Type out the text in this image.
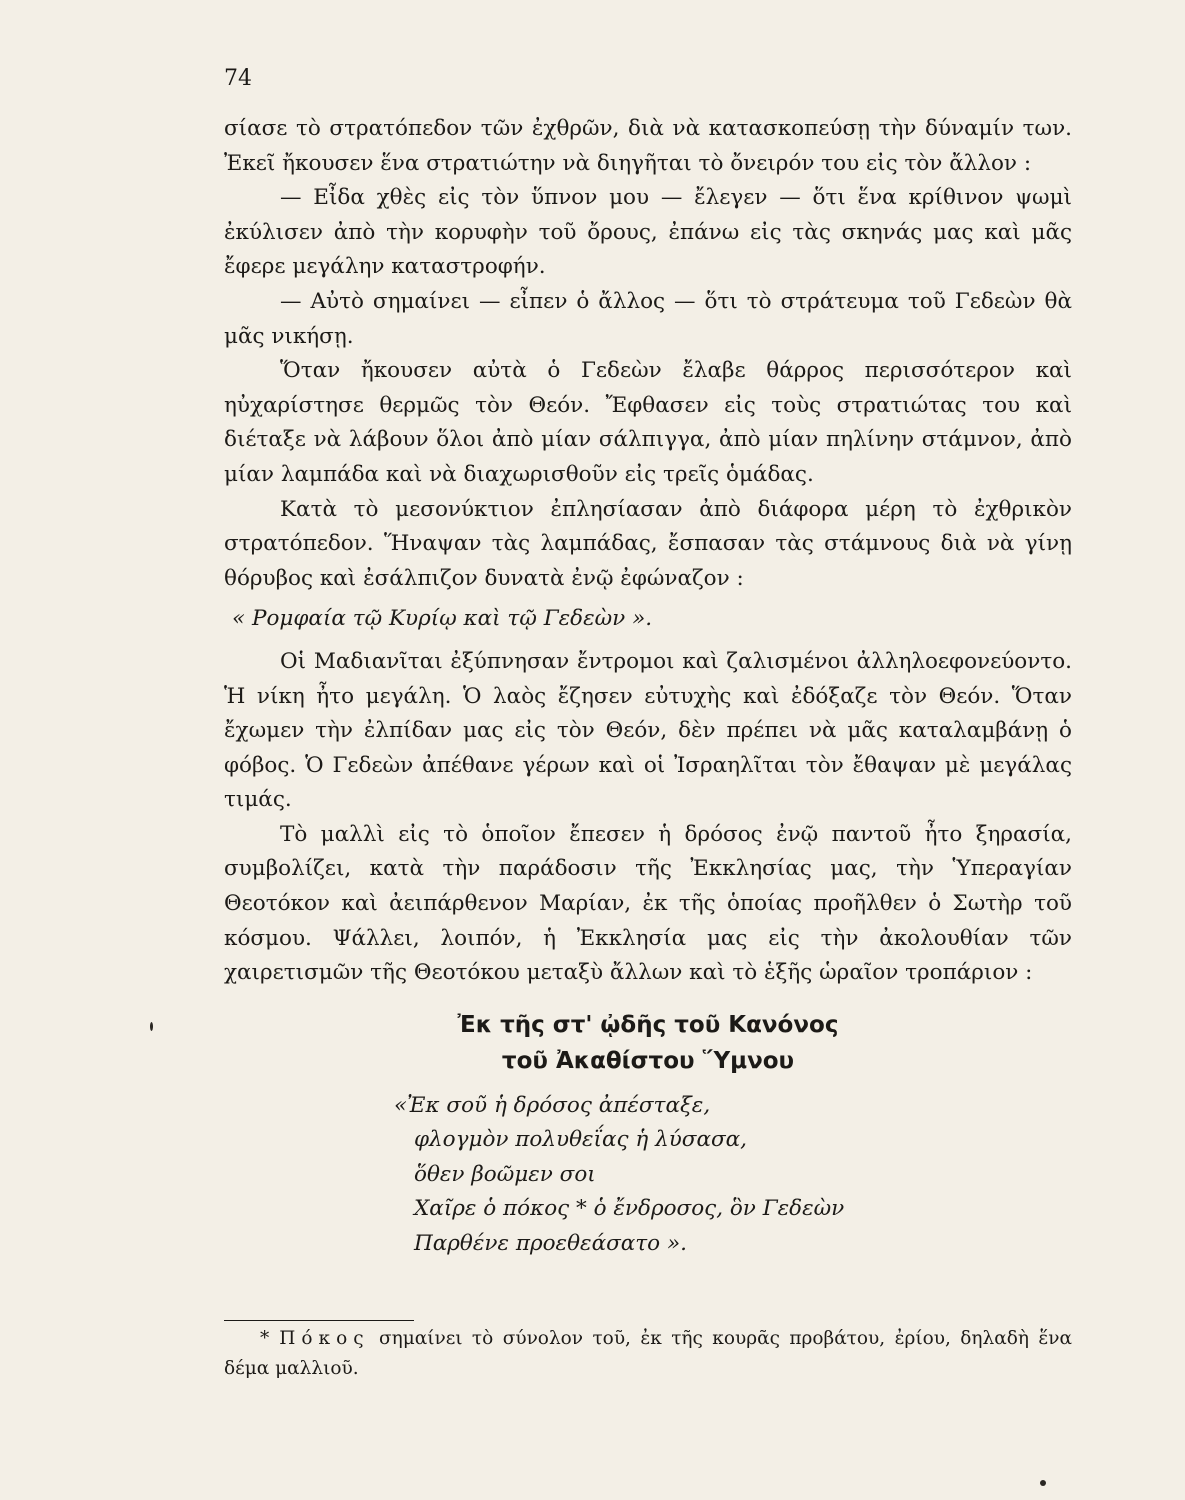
74

σίασε τὸ στρατόπεδον τῶν ἐχθρῶν, διὰ νὰ κατασκοπεύσῃ τὴν δύναμίν των. Ἐκεῖ ἤκουσεν ἕνα στρατιώτην νὰ διηγῆται τὸ ὄνειρόν του εἰς τὸν ἄλλον :

— Εἶδα χθὲς εἰς τὸν ὕπνον μου — ἔλεγεν — ὅτι ἕνα κρίθινον ψωμὶ ἐκύλισεν ἀπὸ τὴν κορυφὴν τοῦ ὄρους, ἐπάνω εἰς τὰς σκηνάς μας καὶ μᾶς ἔφερε μεγάλην καταστροφήν.

— Αὐτὸ σημαίνει — εἶπεν ὁ ἄλλος — ὅτι τὸ στράτευμα τοῦ Γεδεὼν θὰ μᾶς νικήσῃ.

Ὅταν ἤκουσεν αὐτὰ ὁ Γεδεὼν ἔλαβε θάρρος περισσότερον καὶ ηὐχαρίστησε θερμῶς τὸν Θεόν. Ἔφθασεν εἰς τοὺς στρατιώτας του καὶ διέταξε νὰ λάβουν ὅλοι ἀπὸ μίαν σάλπιγγα, ἀπὸ μίαν πηλίνην στάμνον, ἀπὸ μίαν λαμπάδα καὶ νὰ διαχωρισθοῦν εἰς τρεῖς ὁμάδας.

Κατὰ τὸ μεσονύκτιον ἐπλησίασαν ἀπὸ διάφορα μέρη τὸ ἐχθρικὸν στρατόπεδον. Ἥναψαν τὰς λαμπάδας, ἔσπασαν τὰς στάμνους διὰ νὰ γίνῃ θόρυβος καὶ ἐσάλπιζον δυνατὰ ἐνῷ ἐφώναζον :

« Ρομφαία τῷ Κυρίῳ καὶ τῷ Γεδεὼν ».

Οἱ Μαδιανῖται ἐξύπνησαν ἔντρομοι καὶ ζαλισμένοι ἀλληλοεφονεύοντο. Ἡ νίκη ἦτο μεγάλη. Ὁ λαὸς ἔζησεν εὐτυχὴς καὶ ἐδόξαζε τὸν Θεόν. Ὅταν ἔχωμεν τὴν ἐλπίδαν μας εἰς τὸν Θεόν, δὲν πρέπει νὰ μᾶς καταλαμβάνῃ ὁ φόβος. Ὁ Γεδεὼν ἀπέθανε γέρων καὶ οἱ Ἰσραηλῖται τὸν ἔθαψαν μὲ μεγάλας τιμάς.

Τὸ μαλλὶ εἰς τὸ ὁποῖον ἔπεσεν ἡ δρόσος ἐνῷ παντοῦ ἦτο ξηρασία, συμβολίζει, κατὰ τὴν παράδοσιν τῆς Ἐκκλησίας μας, τὴν Ὑπεραγίαν Θεοτόκον καὶ ἀειπάρθενον Μαρίαν, ἐκ τῆς ὁποίας προῆλθεν ὁ Σωτὴρ τοῦ κόσμου. Ψάλλει, λοιπόν, ἡ Ἐκκλησία μας εἰς τὴν ἀκολουθίαν τῶν χαιρετισμῶν τῆς Θεοτόκου μεταξὺ ἄλλων καὶ τὸ ἑξῆς ὡραῖον τροπάριον :

Ἐκ τῆς στ' ᾠδῆς τοῦ Κανόνος
τοῦ Ἀκαθίστου Ὕμνου
«Ἐκ σοῦ ἡ δρόσος ἀπέσταξε,
φλογμὸν πολυθεΐας ἡ λύσασα,
ὅθεν βοῶμεν σοι
Χαῖρε ὁ πόκος * ὁ ἔνδροσος, ὃν Γεδεὼν
Παρθένε προεθεάσατο ».
* Πόκος σημαίνει τὸ σύνολον τοῦ, ἐκ τῆς κουρᾶς προβάτου, ἐρίου, δηλαδὴ ἕνα δέμα μαλλιοῦ.
